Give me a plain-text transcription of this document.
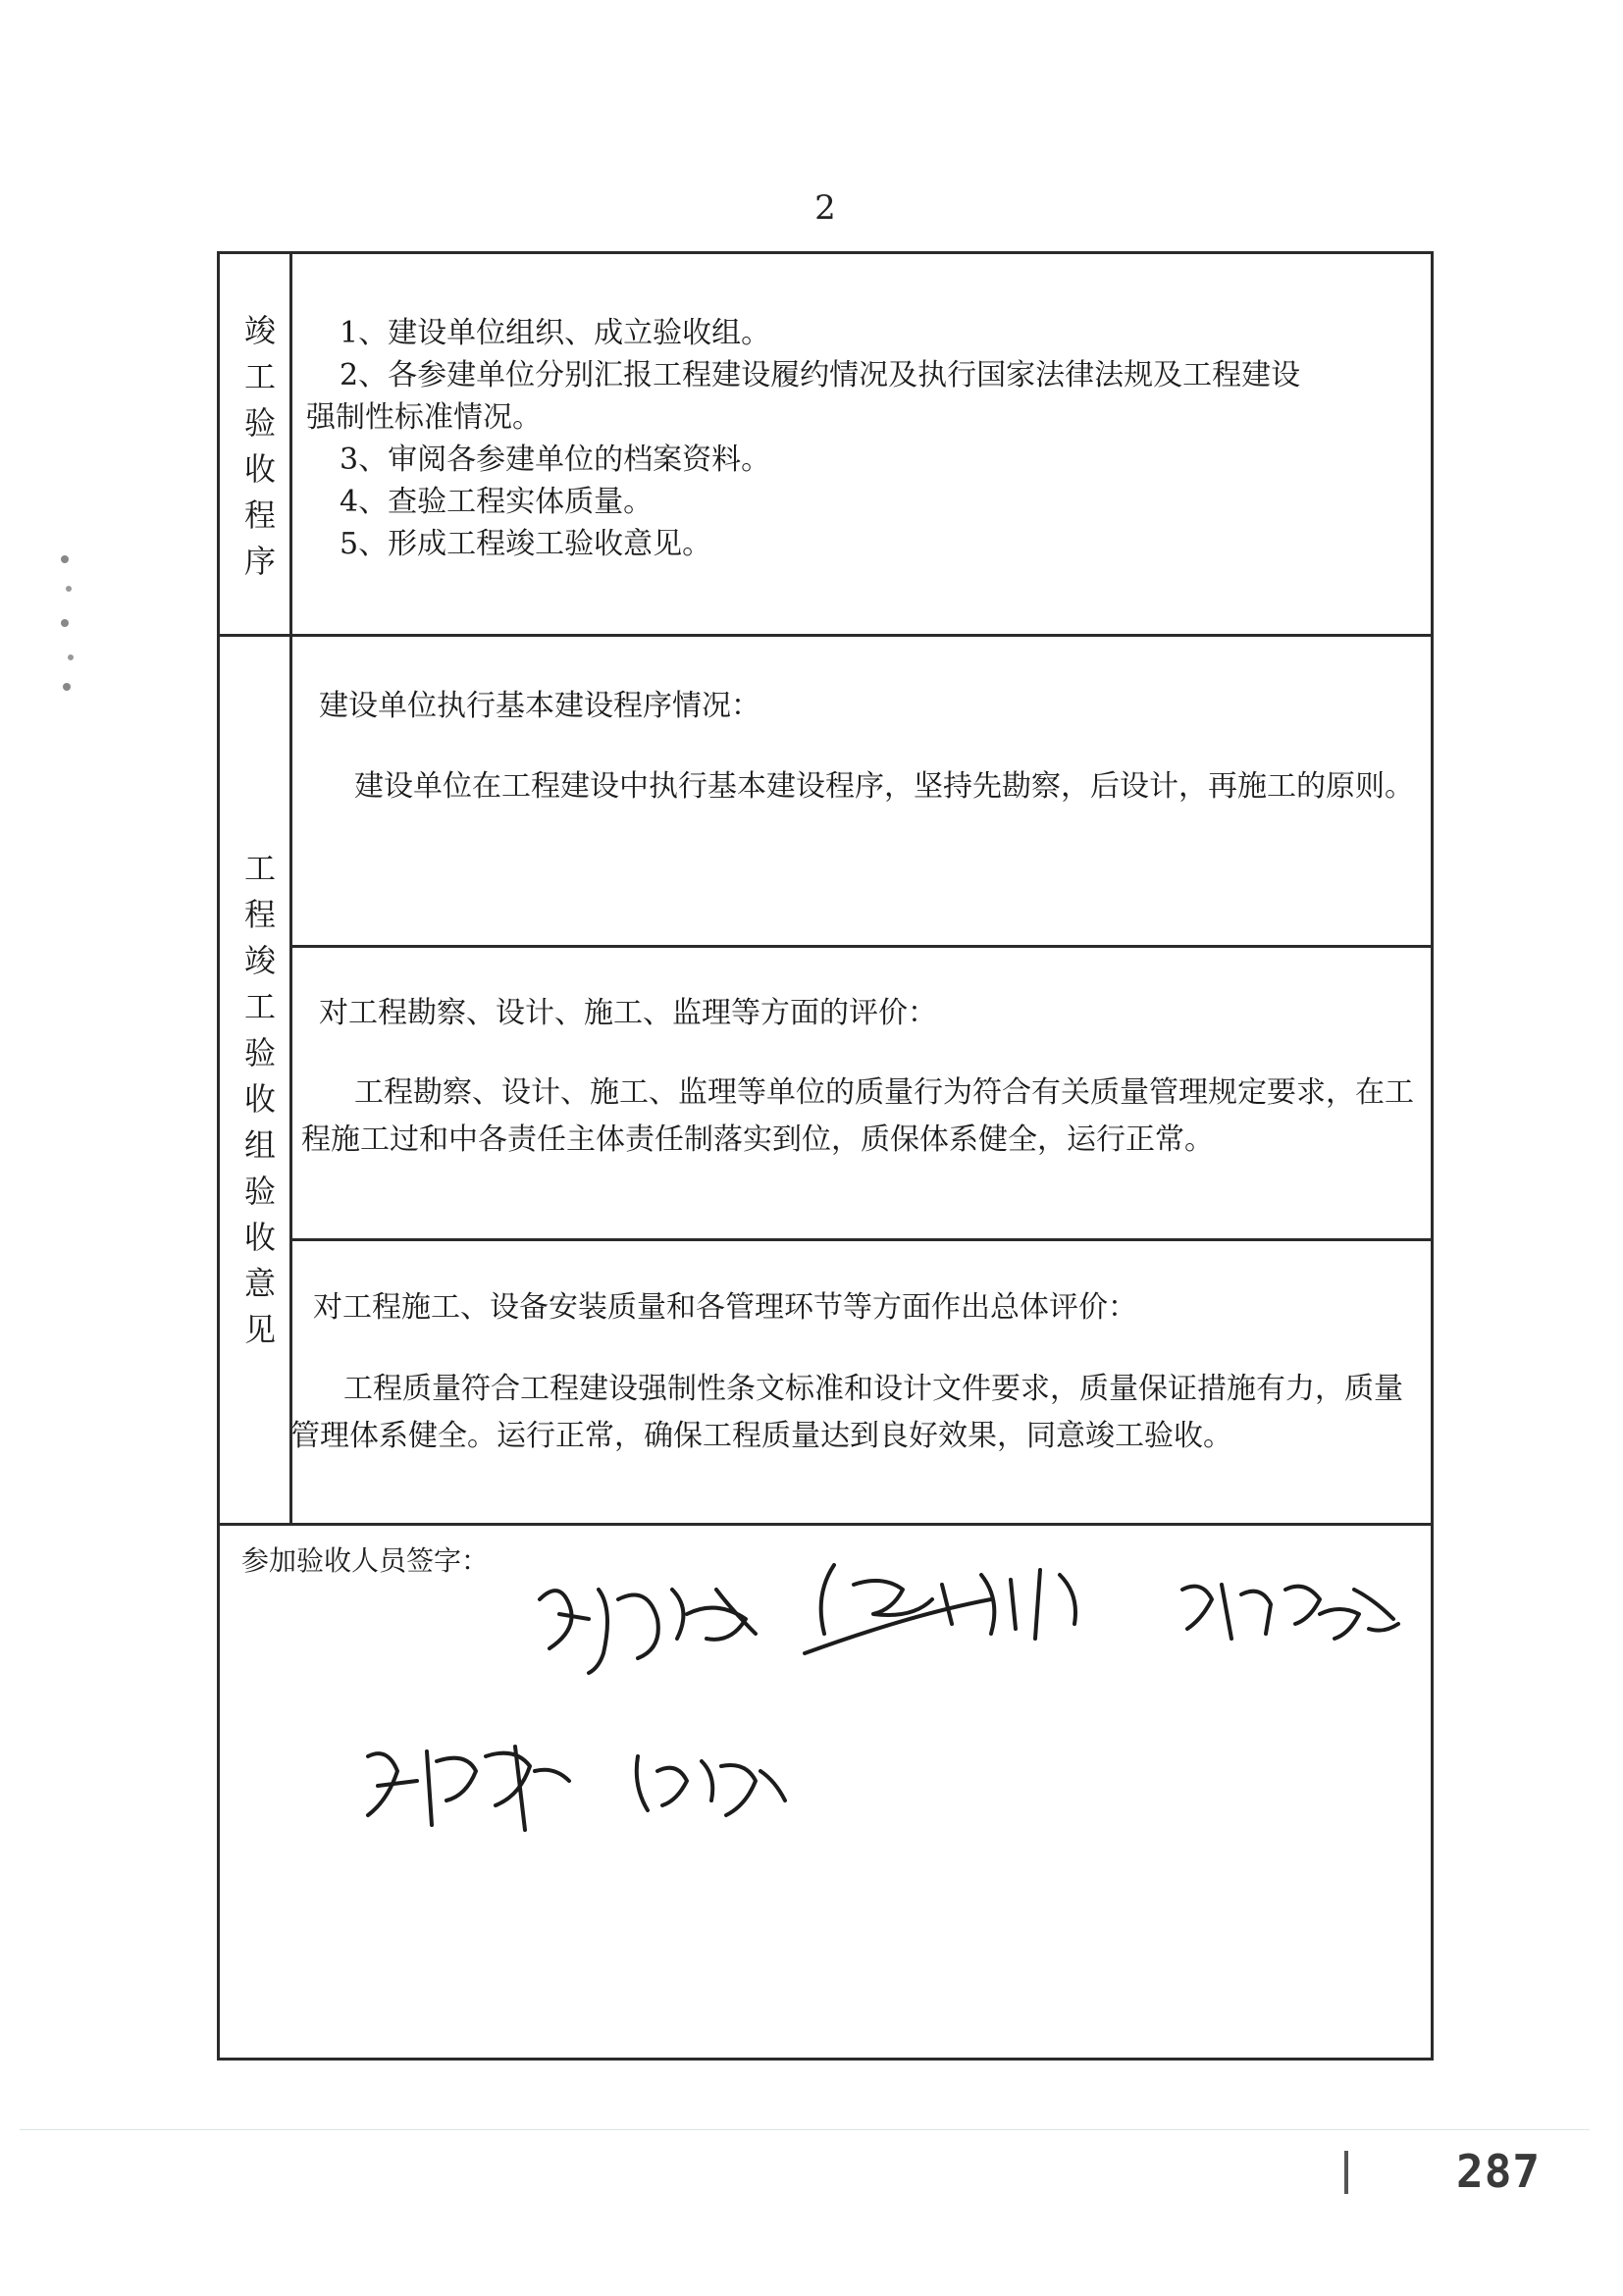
2
竣
工
验
收
程
序
1、建设单位组织、成立验收组。
2、各参建单位分别汇报工程建设履约情况及执行国家法律法规及工程建设
强制性标准情况。
3、审阅各参建单位的档案资料。
4、查验工程实体质量。
5、形成工程竣工验收意见。
工
程
竣
工
验
收
组
验
收
意
见
建设单位执行基本建设程序情况：
建设单位在工程建设中执行基本建设程序，坚持先勘察，后设计，再施工的原则。
对工程勘察、设计、施工、监理等方面的评价：
工程勘察、设计、施工、监理等单位的质量行为符合有关质量管理规定要求，在工程施工过和中各责任主体责任制落实到位，质保体系健全，运行正常。
对工程施工、设备安装质量和各管理环节等方面作出总体评价：
工程质量符合工程建设强制性条文标准和设计文件要求，质量保证措施有力，质量管理体系健全。运行正常，确保工程质量达到良好效果，同意竣工验收。
参加验收人员签字：
287
